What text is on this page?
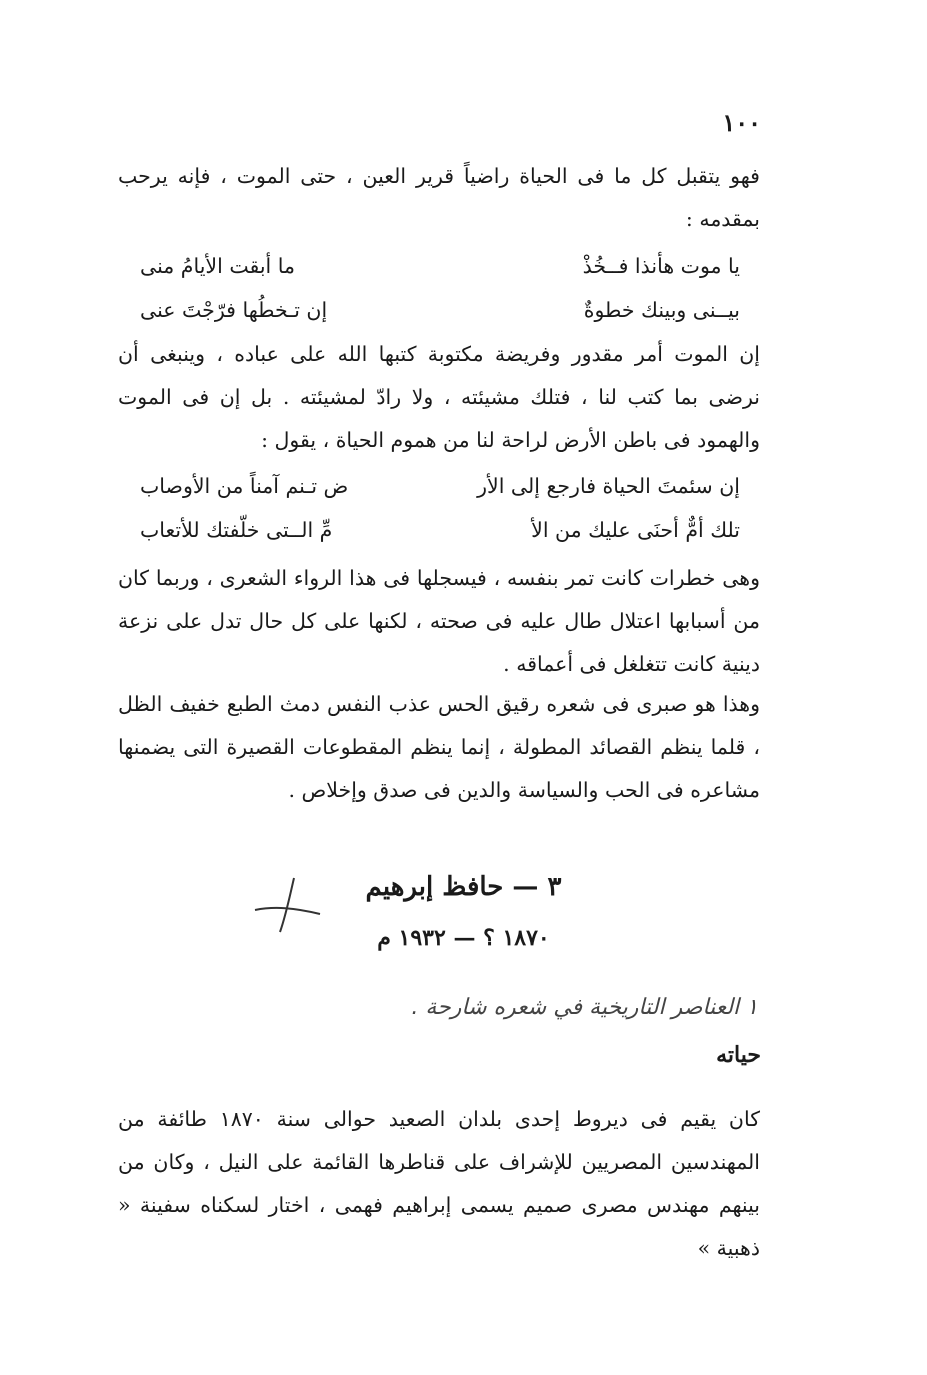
١٠٠
فهو يتقبل كل ما فى الحياة راضياً قرير العين ، حتى الموت ، فإنه يرحب بمقدمه :
يا موت هأنذا فــخُذْ
ما أبقت الأيامُ منى
بيــنى وبينك خطوةٌ
إن تـخطُها فرّجْتَ عنى
إن الموت أمر مقدور وفريضة مكتوبة كتبها الله على عباده ، وينبغى أن نرضى بما كتب لنا ، فتلك مشيئته ، ولا رادّ لمشيئته . بل إن فى الموت والهمود فى باطن الأرض لراحة لنا من هموم الحياة ، يقول :
إن سئمتَ الحياة فارجع إلى الأر
ض تـنم آمناً من الأوصاب
تلك أمٌّ أحنَى عليك من الأ
مِّ الــتى خلّفتك للأتعاب
وهى خطرات كانت تمر بنفسه ، فيسجلها فى هذا الرواء الشعرى ، وربما كان من أسبابها اعتلال طال عليه فى صحته ، لكنها على كل حال تدل على نزعة دينية كانت تتغلغل فى أعماقه .
وهذا هو صبرى فى شعره رقيق الحس عذب النفس دمث الطبع خفيف الظل ، قلما ينظم القصائد المطولة ، إنما ينظم المقطوعات القصيرة التى يضمنها مشاعره فى الحب والسياسة والدين فى صدق وإخلاص .
٣ — حافظ إبرهيم
١٨٧٠ ؟ — ١٩٣٢ م
١ العناصر التاريخية في شعره شارحة .
حياته
كان يقيم فى ديروط إحدى بلدان الصعيد حوالى سنة ١٨٧٠ طائفة من المهندسين المصريين للإشراف على قناطرها القائمة على النيل ، وكان من بينهم مهندس مصرى صميم يسمى إبراهيم فهمى ، اختار لسكناه سفينة « ذهبية »
